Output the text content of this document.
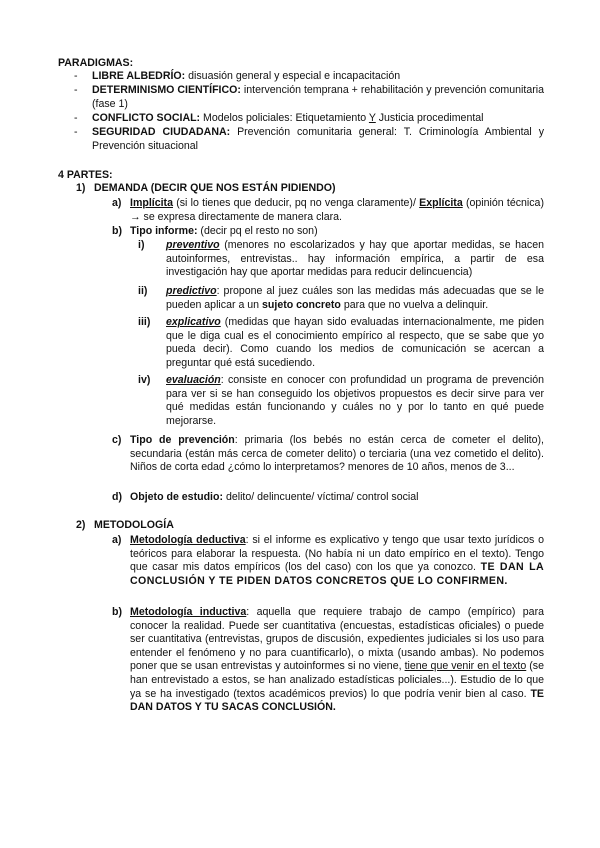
PARADIGMAS:
- LIBRE ALBEDRÍO: disuasión general y especial e incapacitación
- DETERMINISMO CIENTÍFICO: intervención temprana + rehabilitación y prevención comunitaria (fase 1)
- CONFLICTO SOCIAL: Modelos policiales: Etiquetamiento Y Justicia procedimental
- SEGURIDAD CIUDADANA: Prevención comunitaria general: T. Criminología Ambiental y Prevención situacional
4 PARTES:
1) DEMANDA (DECIR QUE NOS ESTÁN PIDIENDO)
a) Implícita (si lo tienes que deducir, pq no venga claramente)/ Explícita (opinión técnica) → se expresa directamente de manera clara.
b) Tipo informe: (decir pq el resto no son)
i) preventivo (menores no escolarizados y hay que aportar medidas, se hacen autoinformes, entrevistas.. hay información empírica, a partir de esa investigación hay que aportar medidas para reducir delincuencia)
ii) predictivo: propone al juez cuáles son las medidas más adecuadas que se le pueden aplicar a un sujeto concreto para que no vuelva a delinquir.
iii) explicativo (medidas que hayan sido evaluadas internacionalmente, me piden que le diga cual es el conocimiento empírico al respecto, que se sabe que yo pueda decir). Como cuando los medios de comunicación se acercan a preguntar qué está sucediendo.
iv) evaluación: consiste en conocer con profundidad un programa de prevención para ver si se han conseguido los objetivos propuestos es decir sirve para ver qué medidas están funcionando y cuáles no y por lo tanto en qué puede mejorarse.
c) Tipo de prevención: primaria (los bebés no están cerca de cometer el delito), secundaria (están más cerca de cometer delito) o terciaria (una vez cometido el delito). Niños de corta edad ¿cómo lo interpretamos? menores de 10 años, menos de 3...
d) Objeto de estudio: delito/ delincuente/ víctima/ control social
2) METODOLOGÍA
a) Metodología deductiva: si el informe es explicativo y tengo que usar texto jurídicos o teóricos para elaborar la respuesta. (No había ni un dato empírico en el texto). Tengo que casar mis datos empíricos (los del caso) con los que ya conozco. TE DAN LA CONCLUSIÓN Y TE PIDEN DATOS CONCRETOS QUE LO CONFIRMEN.
b) Metodología inductiva: aquella que requiere trabajo de campo (empírico) para conocer la realidad. Puede ser cuantitativa (encuestas, estadísticas oficiales) o puede ser cuantitativa (entrevistas, grupos de discusión, expedientes judiciales si los uso para entender el fenómeno y no para cuantificarlo), o mixta (usando ambas). No podemos poner que se usan entrevistas y autoinformes si no viene, tiene que venir en el texto (se han entrevistado a estos, se han analizado estadísticas policiales...). Estudio de lo que ya se ha investigado (textos académicos previos) lo que podría venir bien al caso. TE DAN DATOS Y TU SACAS CONCLUSIÓN.
